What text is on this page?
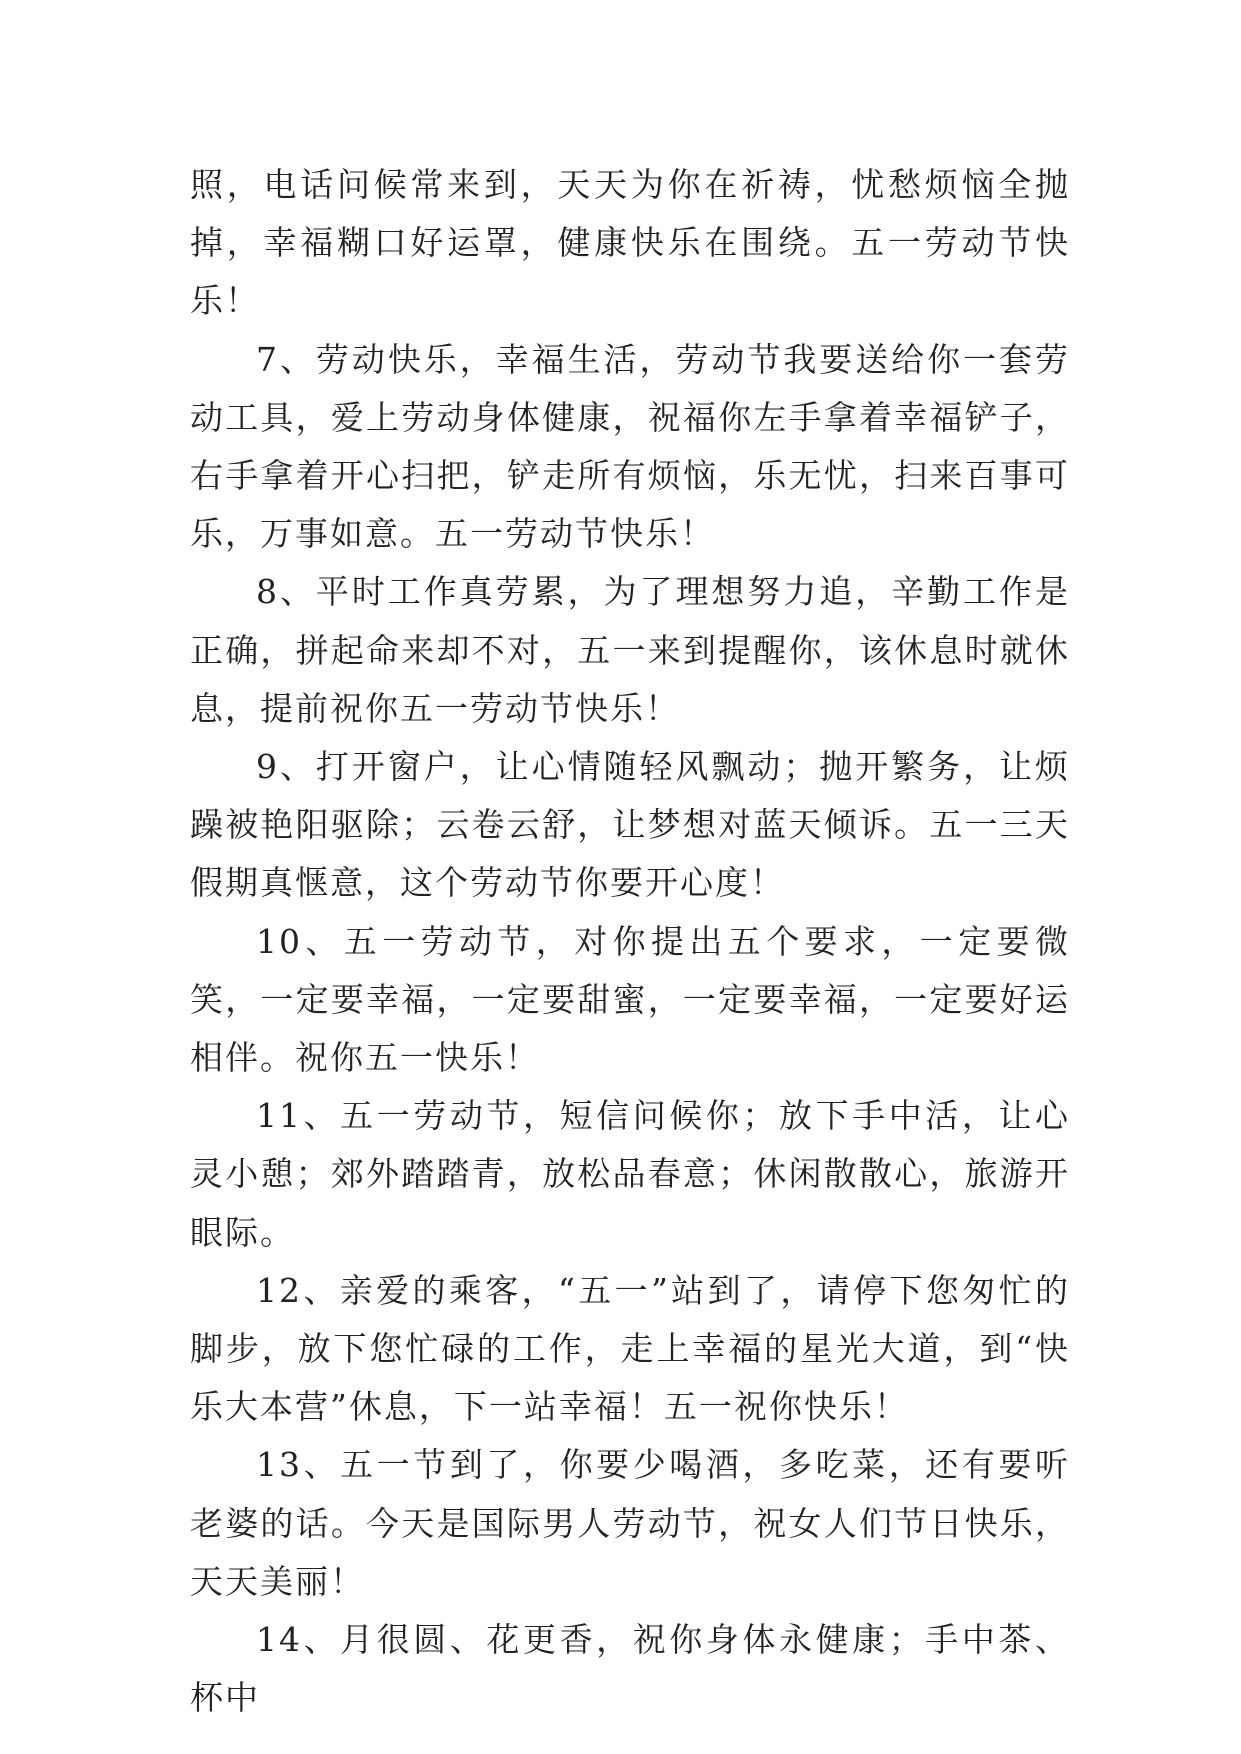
照，电话问候常来到，天天为你在祈祷，忧愁烦恼全抛掉，幸福糊口好运罩，健康快乐在围绕。五一劳动节快乐！

7、劳动快乐，幸福生活，劳动节我要送给你一套劳动工具，爱上劳动身体健康，祝福你左手拿着幸福铲子，右手拿着开心扫把，铲走所有烦恼，乐无忧，扫来百事可乐，万事如意。五一劳动节快乐！

8、平时工作真劳累，为了理想努力追，辛勤工作是正确，拼起命来却不对，五一来到提醒你，该休息时就休息，提前祝你五一劳动节快乐！

9、打开窗户，让心情随轻风飘动；抛开繁务，让烦躁被艳阳驱除；云卷云舒，让梦想对蓝天倾诉。五一三天假期真惬意，这个劳动节你要开心度！

10、五一劳动节，对你提出五个要求，一定要微笑，一定要幸福，一定要甜蜜，一定要幸福，一定要好运相伴。祝你五一快乐！

11、五一劳动节，短信问候你；放下手中活，让心灵小憩；郊外踏踏青，放松品春意；休闲散散心，旅游开眼际。

12、亲爱的乘客，“五一”站到了，请停下您匆忙的脚步，放下您忙碌的工作，走上幸福的星光大道，到“快乐大本营”休息，下一站幸福！五一祝你快乐！

13、五一节到了，你要少喝酒，多吃菜，还有要听老婆的话。今天是国际男人劳动节，祝女人们节日快乐，天天美丽！

14、月很圆、花更香，祝你身体永健康；手中茶、杯中
